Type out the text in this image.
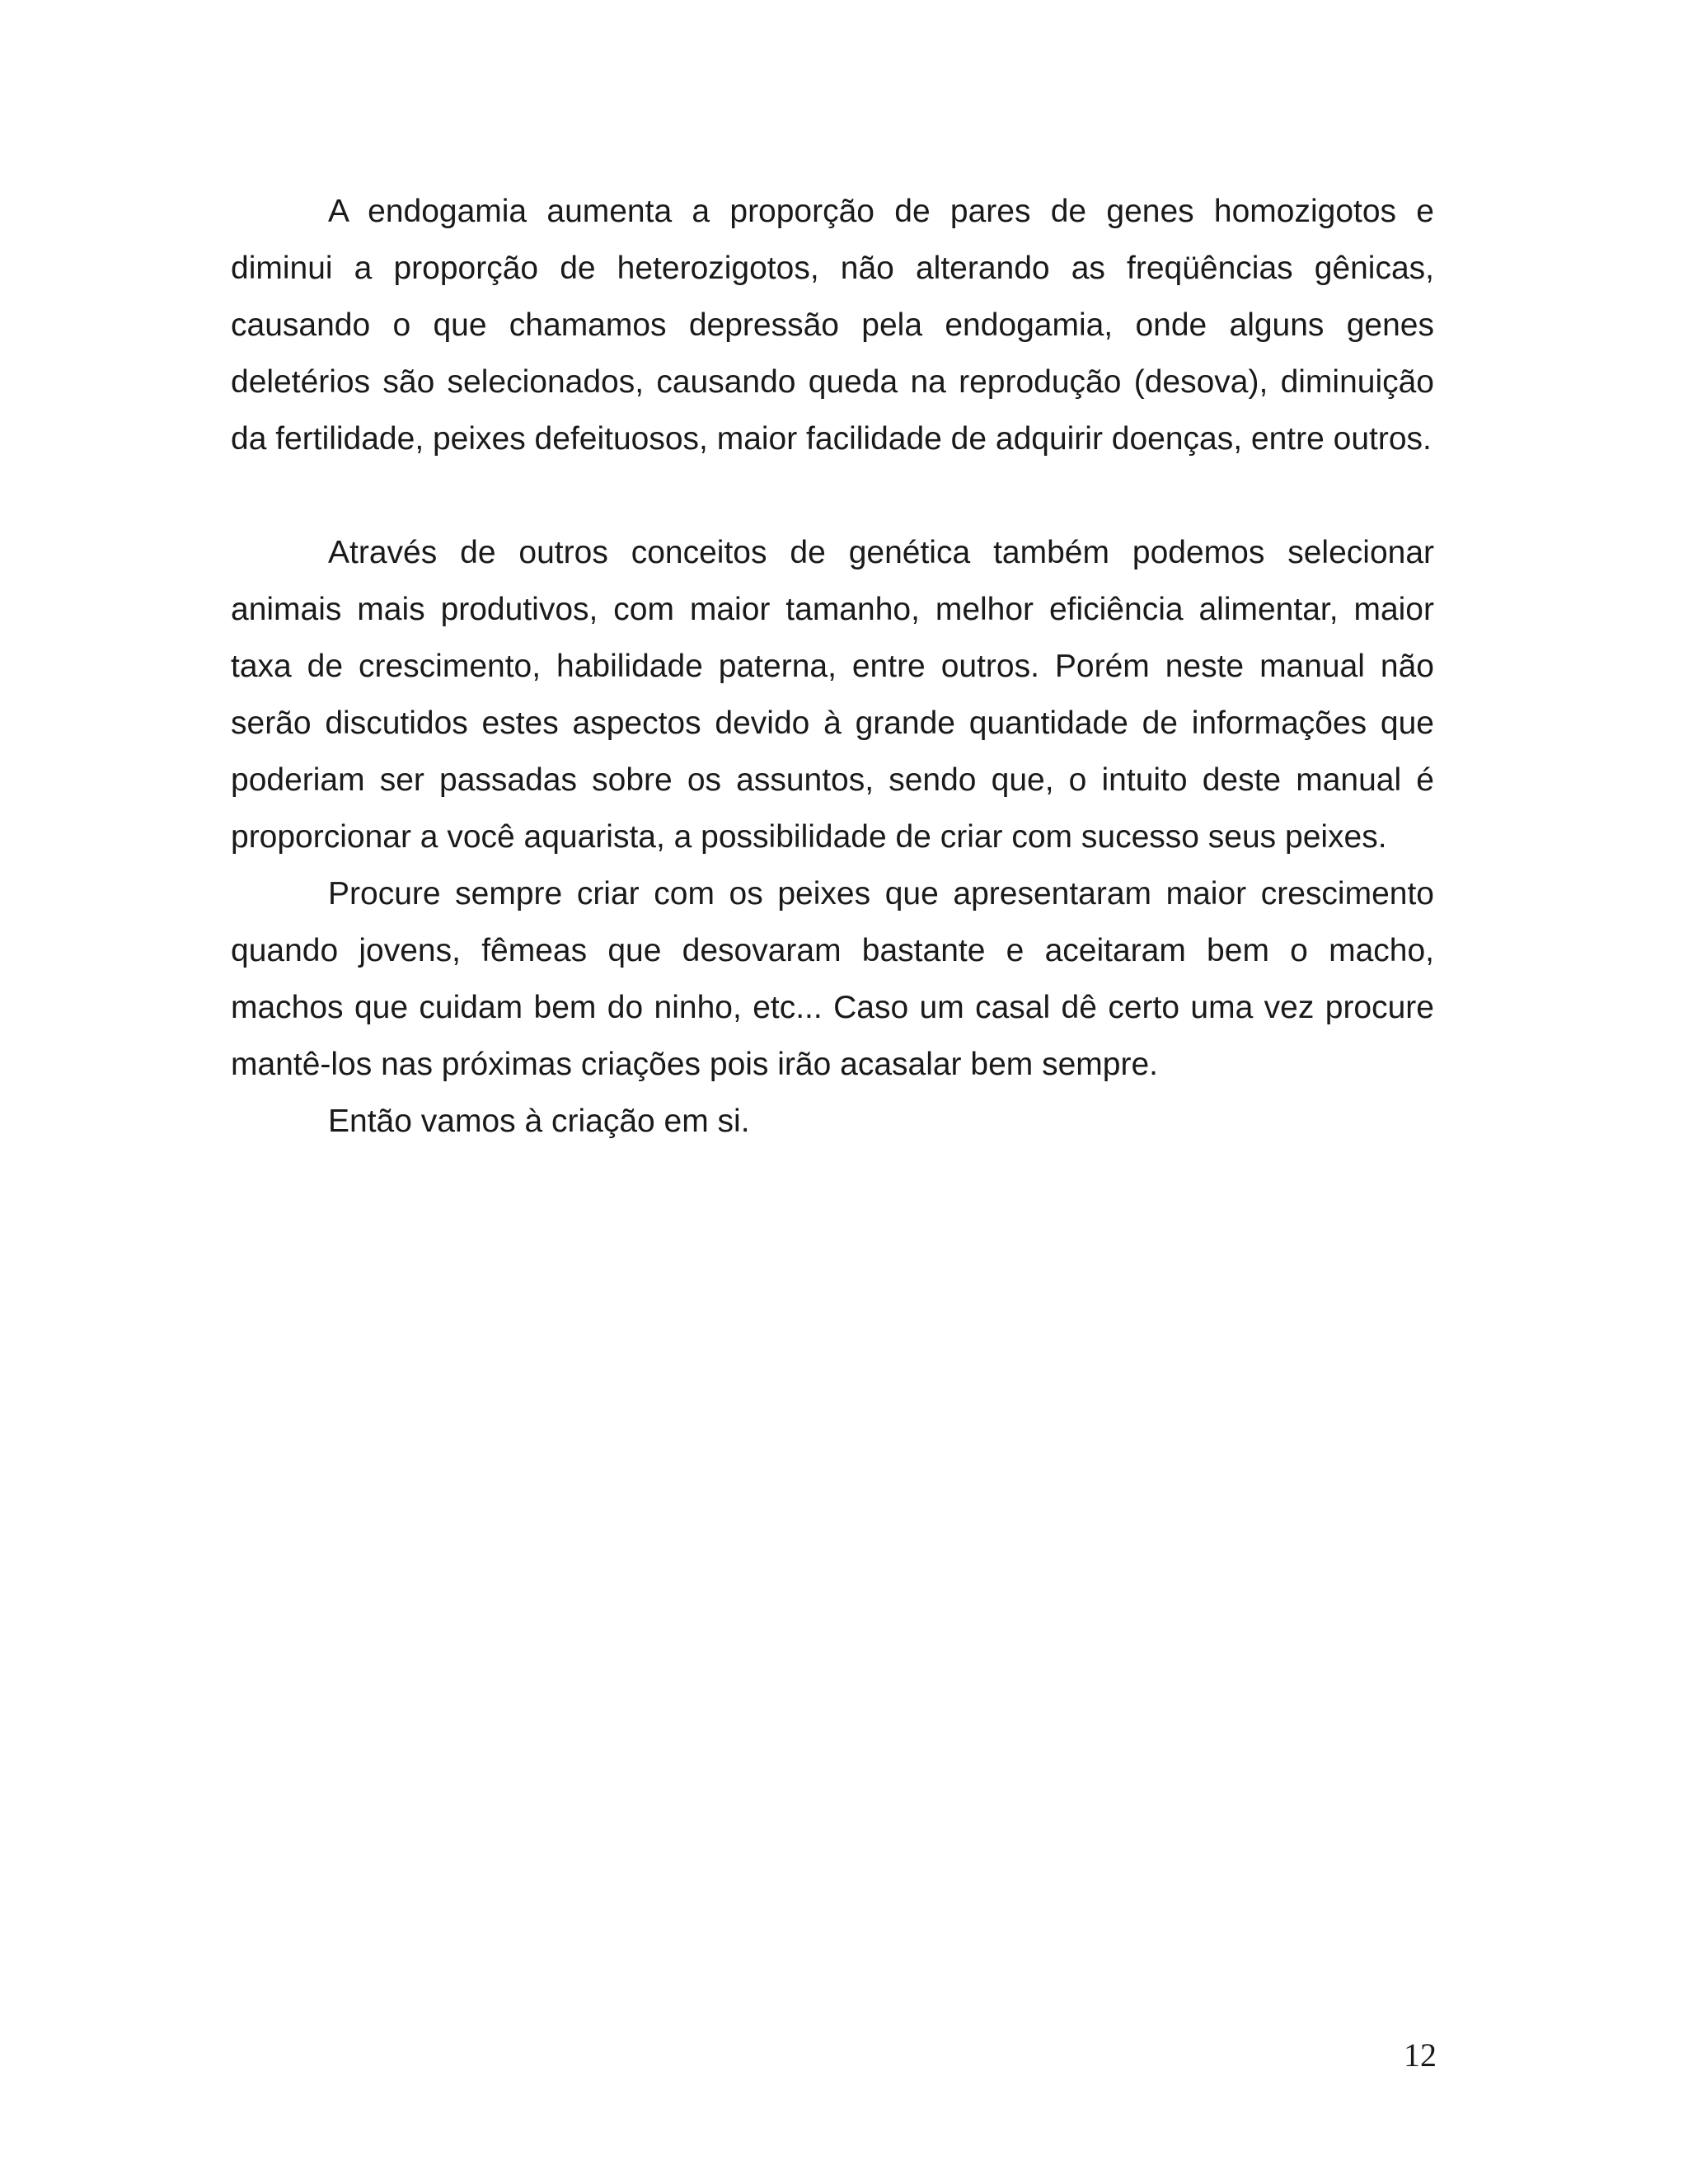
A endogamia aumenta a proporção de pares de genes homozigotos e diminui a proporção de heterozigotos, não alterando as freqüências gênicas, causando o que chamamos depressão pela endogamia, onde alguns genes deletérios são selecionados, causando queda na reprodução (desova), diminuição da fertilidade, peixes defeituosos, maior facilidade de adquirir doenças, entre outros.

Através de outros conceitos de genética também podemos selecionar animais mais produtivos, com maior tamanho, melhor eficiência alimentar, maior taxa de crescimento, habilidade paterna, entre outros. Porém neste manual não serão discutidos estes aspectos devido à grande quantidade de informações que poderiam ser passadas sobre os assuntos, sendo que, o intuito deste manual é proporcionar a você aquarista, a possibilidade de criar com sucesso seus peixes.

Procure sempre criar com os peixes que apresentaram maior crescimento quando jovens, fêmeas que desovaram bastante e aceitaram bem o macho, machos que cuidam bem do ninho, etc... Caso um casal dê certo uma vez procure mantê-los nas próximas criações pois irão acasalar bem sempre.

Então vamos à criação em si.

12
